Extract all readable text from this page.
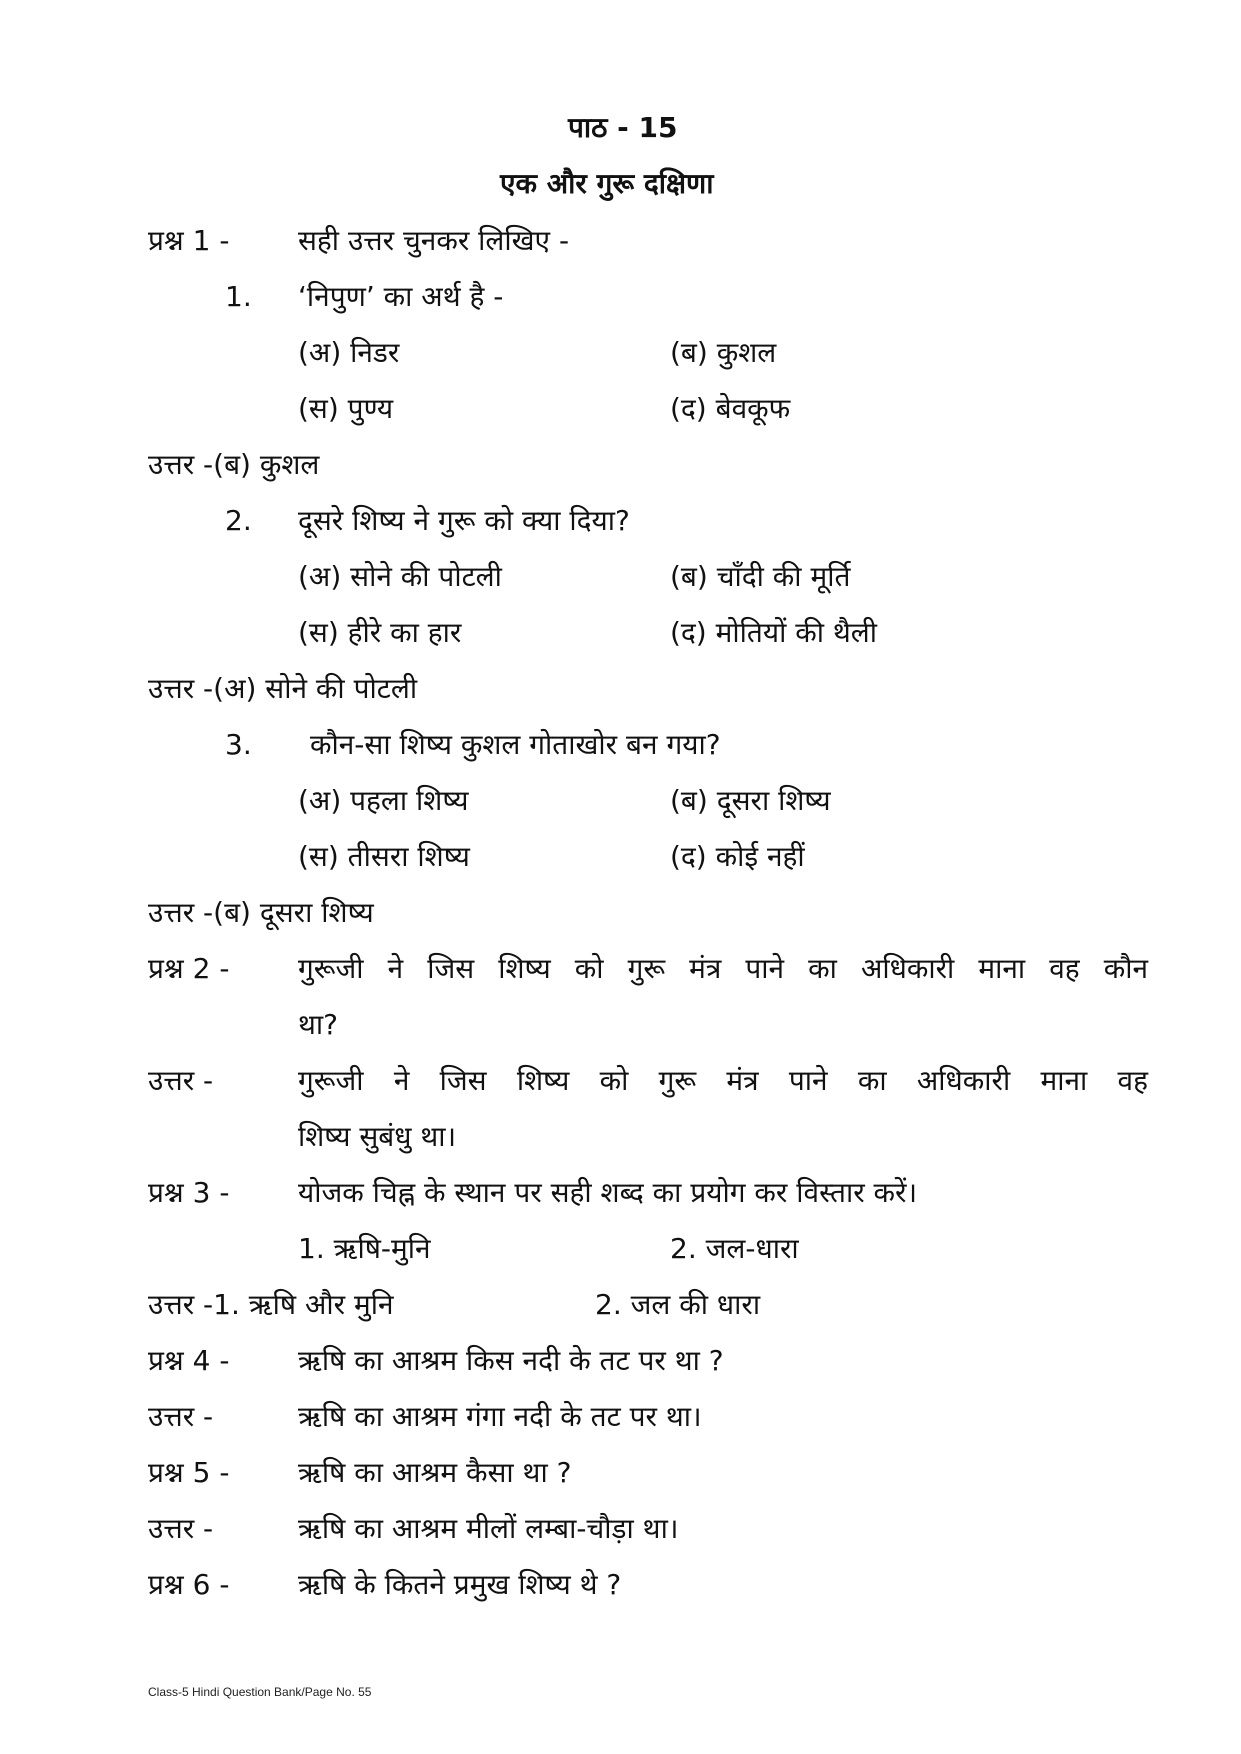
पाठ - 15
एक और गुरू दक्षिणा
प्रश्न 1 - सही उत्तर चुनकर लिखिए -
1. ‘निपुण’ का अर्थ है -
(अ) निडर	(ब) कुशल
(स) पुण्य	(द) बेवकूफ
उत्तर -(ब) कुशल
2. दूसरे शिष्य ने गुरू को क्या दिया?
(अ) सोने की पोटली	(ब) चाँदी की मूर्ति
(स) हीरे का हार	(द) मोतियों की थैली
उत्तर -(अ) सोने की पोटली
3. कौन-सा शिष्य कुशल गोताखोर बन गया?
(अ) पहला शिष्य	(ब) दूसरा शिष्य
(स) तीसरा शिष्य	(द) कोई नहीं
उत्तर -(ब) दूसरा शिष्य
प्रश्न 2 - गुरूजी ने जिस शिष्य को गुरू मंत्र पाने का अधिकारी माना वह कौन
था?
उत्तर -	गुरूजी ने जिस शिष्य को गुरू मंत्र पाने का अधिकारी माना वह
शिष्य सुबंधु था।
प्रश्न 3 - योजक चिह्न के स्थान पर सही शब्द का प्रयोग कर विस्तार करें।
1. ऋषि-मुनि	2. जल-धारा
उत्तर -1. ऋषि और मुनि	2. जल की धारा
प्रश्न 4 - ऋषि का आश्रम किस नदी के तट पर था ?
उत्तर -	ऋषि का आश्रम गंगा नदी के तट पर था।
प्रश्न 5 - ऋषि का आश्रम कैसा था ?
उत्तर -	ऋषि का आश्रम मीलों लम्बा-चौड़ा था।
प्रश्न 6 - ऋषि के कितने प्रमुख शिष्य थे ?
Class-5 Hindi Question Bank/Page No. 55
